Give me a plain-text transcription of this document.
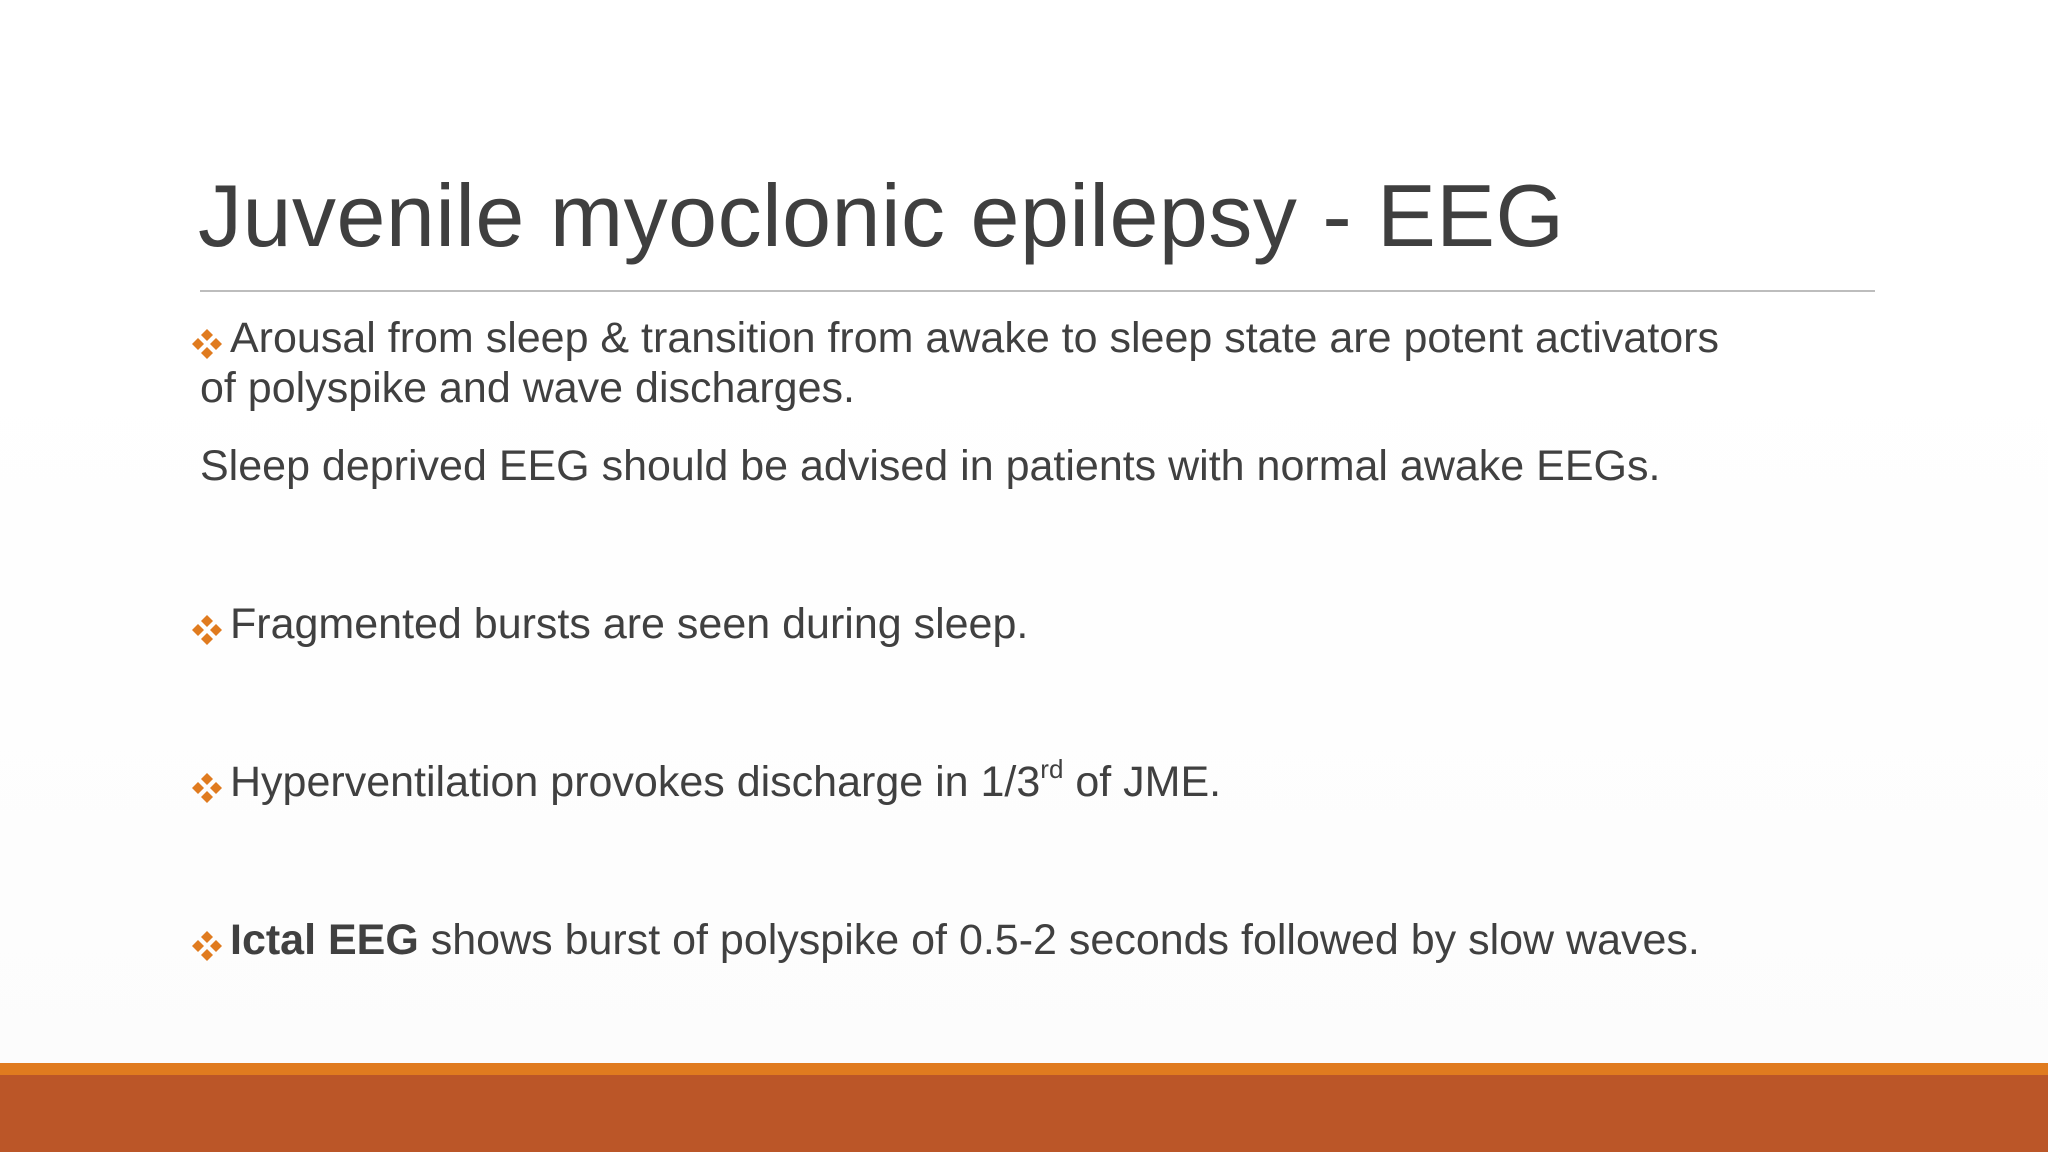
Juvenile myoclonic epilepsy - EEG
Arousal from sleep & transition from awake to sleep state are potent activators
of polyspike and wave discharges.
Sleep deprived EEG should be advised in patients with normal awake EEGs.
Fragmented bursts are seen during sleep.
Hyperventilation provokes discharge in 1/3rd of JME.
Ictal EEG shows burst of polyspike of 0.5-2 seconds followed by slow waves.
